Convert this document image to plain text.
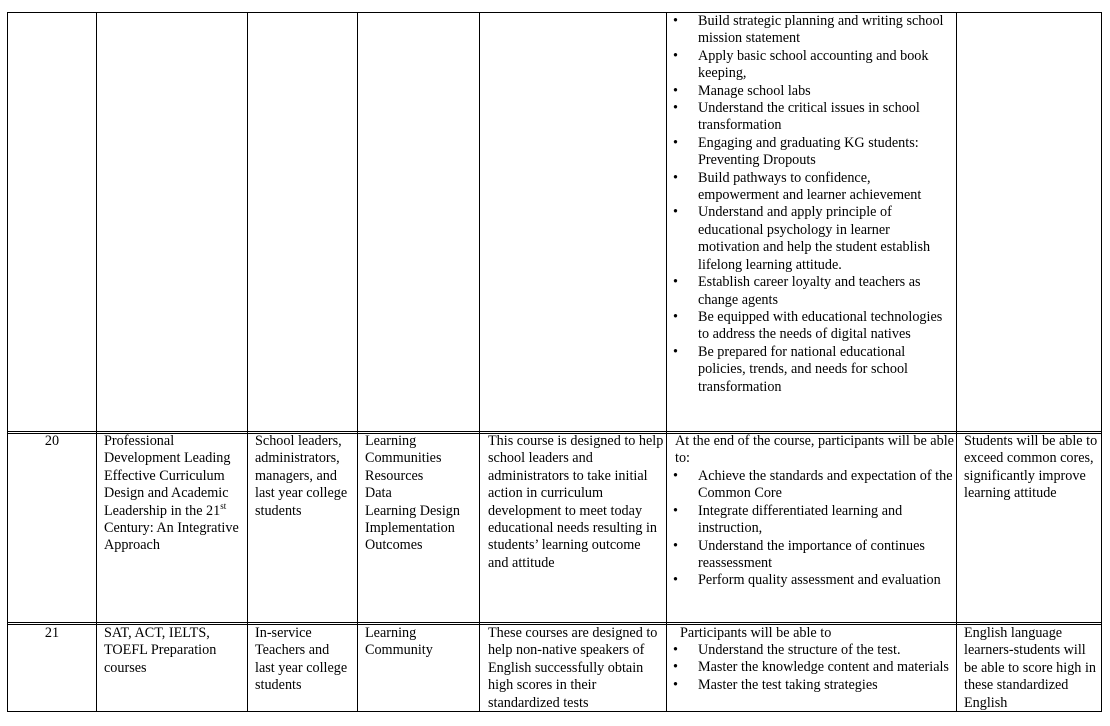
• Build strategic planning and writing school mission statement
• Apply basic school accounting and book keeping,
• Manage school labs
• Understand the critical issues in school transformation
• Engaging and graduating KG students: Preventing Dropouts
• Build pathways to confidence, empowerment and learner achievement
• Understand and apply principle of educational psychology in learner motivation and help the student establish lifelong learning attitude.
• Establish career loyalty and teachers as change agents
• Be equipped with educational technologies to address the needs of digital natives
• Be prepared for national educational policies, trends, and needs for school transformation
20	Professional Development Leading Effective Curriculum Design and Academic Leadership in the 21st Century: An Integrative Approach
School leaders, administrators, managers, and last year college students
Learning Communities
Resources
Data
Learning Design
Implementation
Outcomes
This course is designed to help school leaders and administrators to take initial action in curriculum development to meet today educational needs resulting in students’ learning outcome and attitude
At the end of the course, participants will be able to:
• Achieve the standards and expectation of the Common Core
• Integrate differentiated learning and instruction,
• Understand the importance of continues reassessment
• Perform quality assessment and evaluation
Students will be able to exceed common cores, significantly improve learning attitude
21	SAT, ACT, IELTS, TOEFL Preparation courses
In-service Teachers and last year college students
Learning Community
These courses are designed to help non-native speakers of English successfully obtain high scores in their standardized tests
Participants will be able to
• Understand the structure of the test.
• Master the knowledge content and materials
• Master the test taking strategies
English language learners-students will be able to score high in these standardized English
